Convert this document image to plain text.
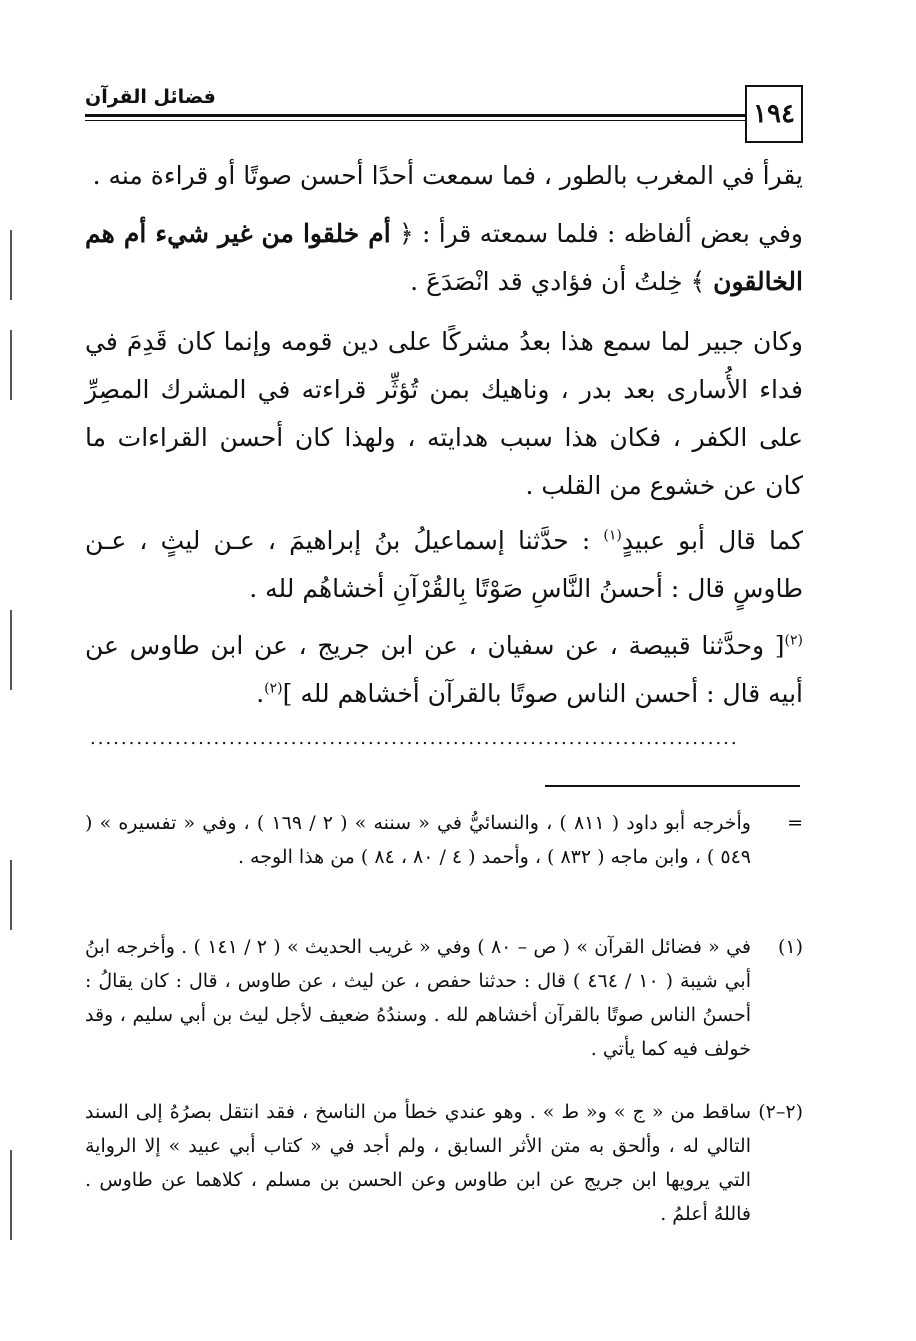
١٩٤
فضائل القرآن
يقرأ في المغرب بالطور ، فما سمعت أحدًا أحسن صوتًا أو قراءة منه .
وفي بعض ألفاظه : فلما سمعته قرأ : ﴿ أم خلقوا من غير شيء أم هم الخالقون ﴾ خِلتُ أن فؤادي قد انْصَدَعَ .
وكان جبير لما سمع هذا بعدُ مشركًا على دين قومه وإنما كان قَدِمَ في فداء الأُسارى بعد بدر ، وناهيك بمن تُؤثِّر قراءته في المشرك المصِرِّ على الكفر ، فكان هذا سبب هدايته ، ولهذا كان أحسن القراءات ما كان عن خشوع من القلب .
كما قال أبو عبيدٍ$^{(١)}$ : حدَّثنا إسماعيلُ بنُ إبراهيمَ ، عـن ليثٍ ، عـن طاوسٍ قال : أحسنُ النَّاسِ صَوْتًا بِالقُرْآنِ أخشاهُم لله .
$^{(٢)}$[ وحدَّثنا قبيصة ، عن سفيان ، عن ابن جريج ، عن ابن طاوس عن أبيه قال : أحسن الناس صوتًا بالقرآن أخشاهم لله ]$^{(٢)}$.
....................................................................................
=
وأخرجه أبو داود ( ٨١١ ) ، والنسائيُّ في « سننه » ( ٢ / ١٦٩ ) ، وفي « تفسيره » ( ٥٤٩ ) ، وابن ماجه ( ٨٣٢ ) ، وأحمد ( ٤ / ٨٠ ، ٨٤ ) من هذا الوجه .
(١)
في « فضائل القرآن » ( ص – ٨٠ ) وفي « غريب الحديث » ( ٢ / ١٤١ ) . وأخرجه ابنُ أبي شيبة ( ١٠ / ٤٦٤ ) قال : حدثنا حفص ، عن ليث ، عن طاوس ، قال : كان يقالُ : أحسنُ الناس صوتًا بالقرآن أخشاهم لله . وسندُهُ ضعيف لأجل ليث بن أبي سليم ، وقد خولف فيه كما يأتي .
(٢–٢)
ساقط من « ج » و« ط » . وهو عندي خطأ من الناسخ ، فقد انتقل بصرُهُ إلى السند التالي له ، وألحق به متن الأثر السابق ، ولم أجد في « كتاب أبي عبيد » إلا الرواية التي يرويها ابن جريج عن ابن طاوس وعن الحسن بن مسلم ، كلاهما عن طاوس . فاللهُ أعلمُ .
